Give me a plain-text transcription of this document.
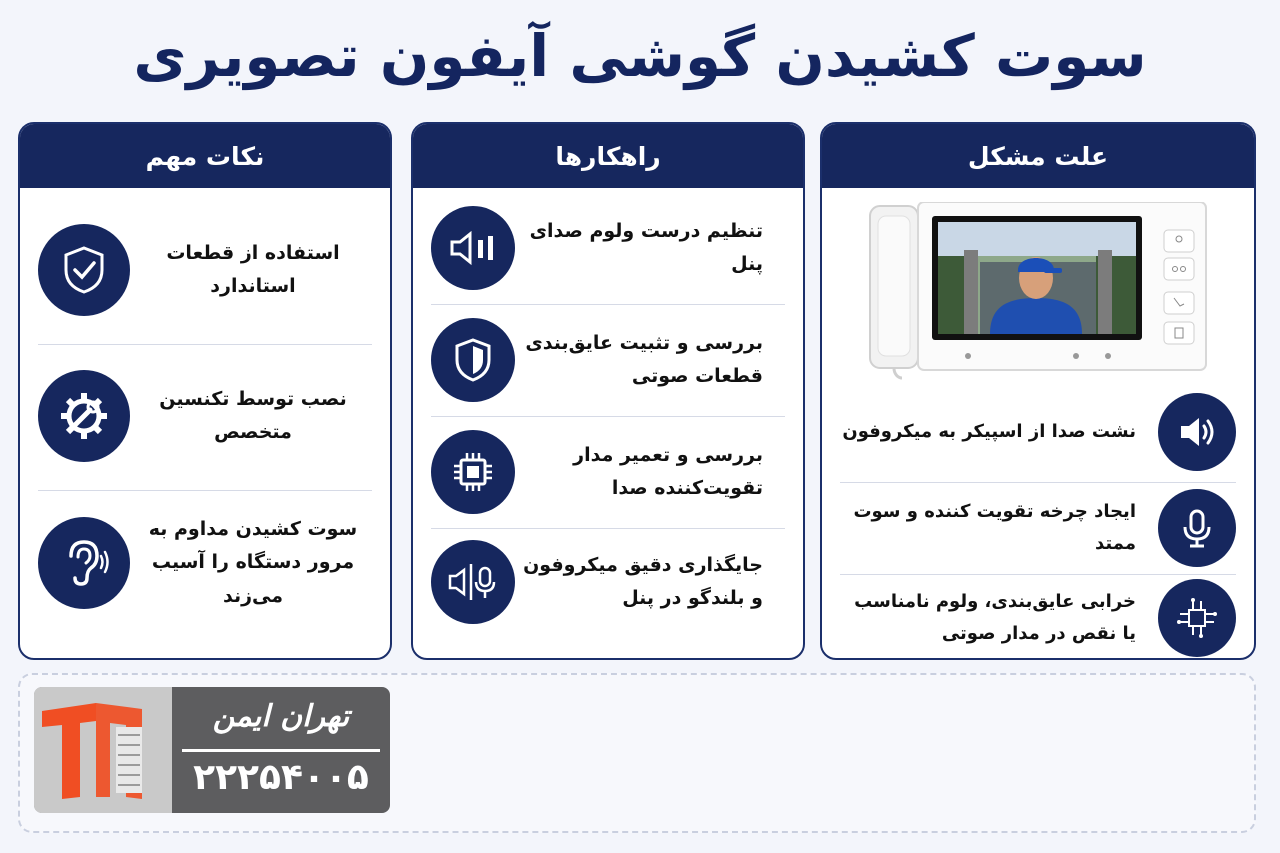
سوت کشیدن گوشی آیفون تصویری
علت مشکل
نشت صدا از اسپیکر به میکروفون
ایجاد چرخه تقویت کننده و سوت ممتد
خرابی عایق‌بندی، ولوم نامناسب یا نقص در مدار صوتی
راهکارها
تنظیم درست ولوم صدای پنل
بررسی و تثبیت عایق‌بندی قطعات صوتی
بررسی و تعمیر مدار تقویت‌کننده صدا
جایگذاری دقیق میکروفون و بلندگو در پنل
نکات مهم
استفاده از قطعات استاندارد
نصب توسط تکنسین متخصص
سوت کشیدن مداوم به مرور دستگاه را آسیب می‌زند
تهران ایمن
۲۲۲۵۴۰۰۵
